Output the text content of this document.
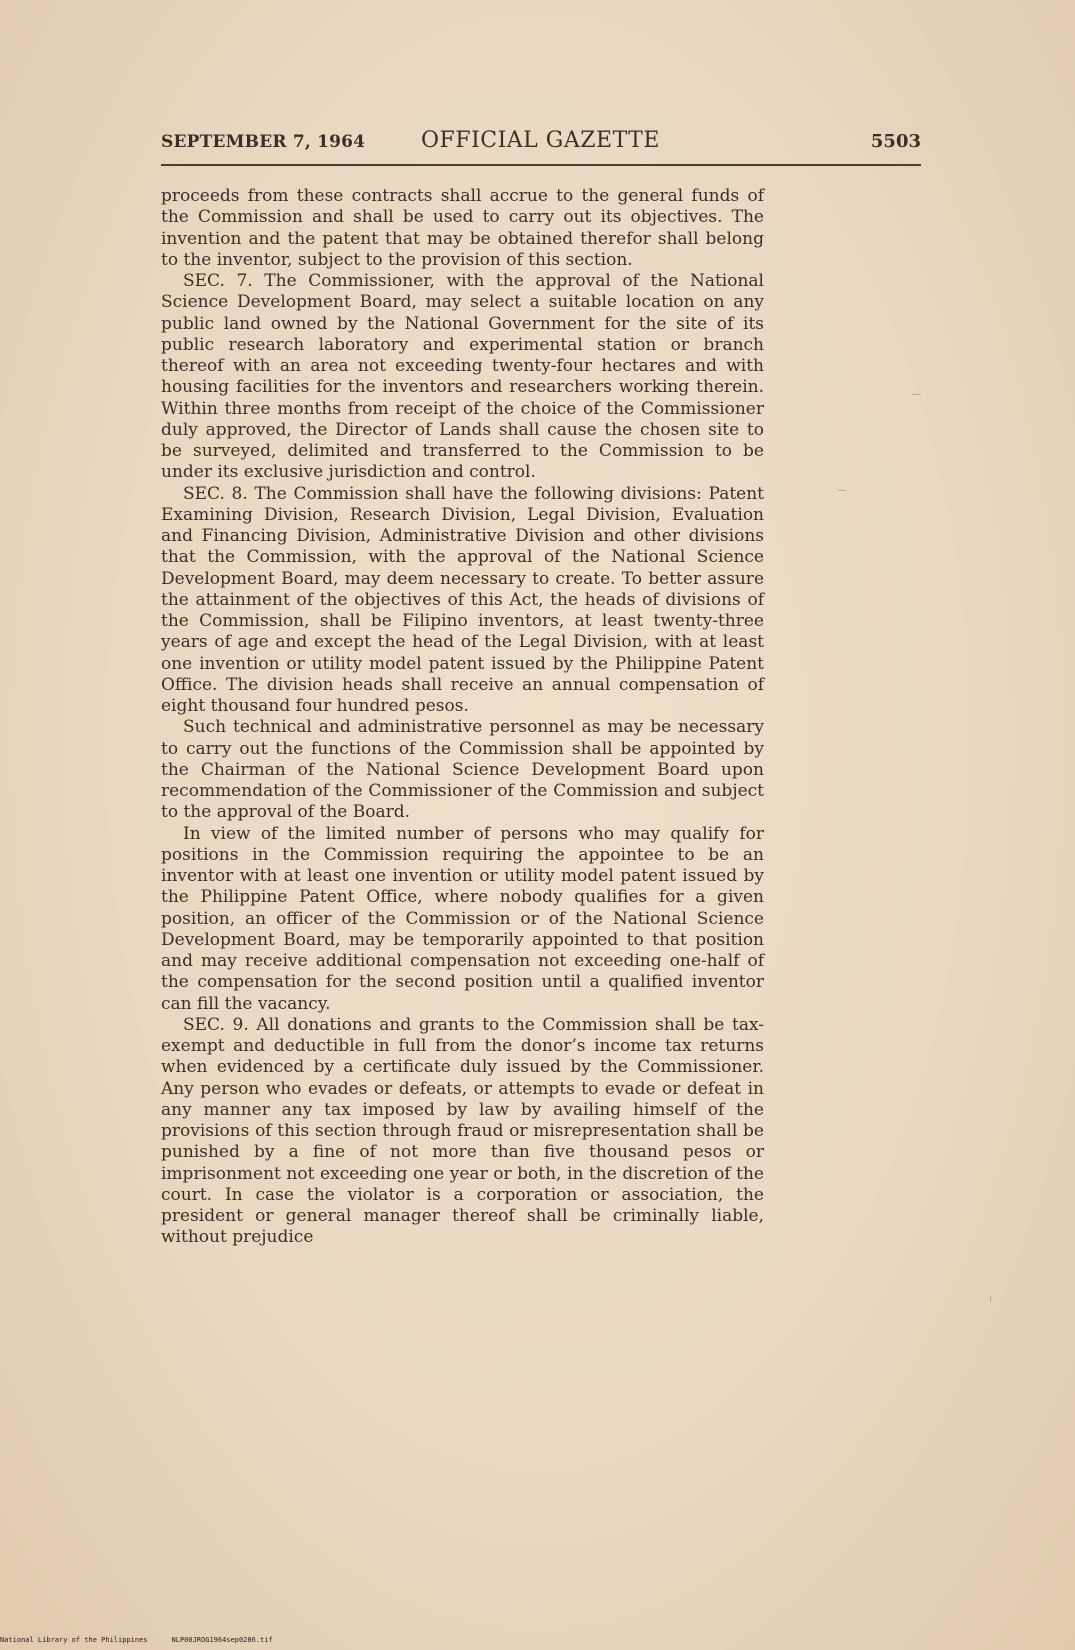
SEPTEMBER 7, 1964	OFFICIAL GAZETTE	5503

proceeds from these contracts shall accrue to the general funds of the Commission and shall be used to carry out its objectives. The invention and the patent that may be obtained therefor shall belong to the inventor, subject to the provision of this section.

SEC. 7. The Commissioner, with the approval of the National Science Development Board, may select a suitable location on any public land owned by the National Government for the site of its public research laboratory and experimental station or branch thereof with an area not exceeding twenty-four hectares and with housing facilities for the inventors and researchers working therein. Within three months from receipt of the choice of the Commissioner duly approved, the Director of Lands shall cause the chosen site to be surveyed, delimited and transferred to the Commission to be under its exclusive jurisdiction and control.

SEC. 8. The Commission shall have the following divisions: Patent Examining Division, Research Division, Legal Division, Evaluation and Financing Division, Administrative Division and other divisions that the Commission, with the approval of the National Science Development Board, may deem necessary to create. To better assure the attainment of the objectives of this Act, the heads of divisions of the Commission, shall be Filipino inventors, at least twenty-three years of age and except the head of the Legal Division, with at least one invention or utility model patent issued by the Philippine Patent Office. The division heads shall receive an annual compensation of eight thousand four hundred pesos.

Such technical and administrative personnel as may be necessary to carry out the functions of the Commission shall be appointed by the Chairman of the National Science Development Board upon recommendation of the Commissioner of the Commission and subject to the approval of the Board.

In view of the limited number of persons who may qualify for positions in the Commission requiring the appointee to be an inventor with at least one invention or utility model patent issued by the Philippine Patent Office, where nobody qualifies for a given position, an officer of the Commission or of the National Science Development Board, may be temporarily appointed to that position and may receive additional compensation not exceeding one-half of the compensation for the second position until a qualified inventor can fill the vacancy.

SEC. 9. All donations and grants to the Commission shall be tax-exempt and deductible in full from the donor’s income tax returns when evidenced by a certificate duly issued by the Commissioner. Any person who evades or defeats, or attempts to evade or defeat in any manner any tax imposed by law by availing himself of the provisions of this section through fraud or misrepresentation shall be punished by a fine of not more than five thousand pesos or imprisonment not exceeding one year or both, in the discretion of the court. In case the violator is a corporation or association, the president or general manager thereof shall be criminally liable, without prejudice

National Library of the Philippines	NLP00JROG1964sep0286.tif
